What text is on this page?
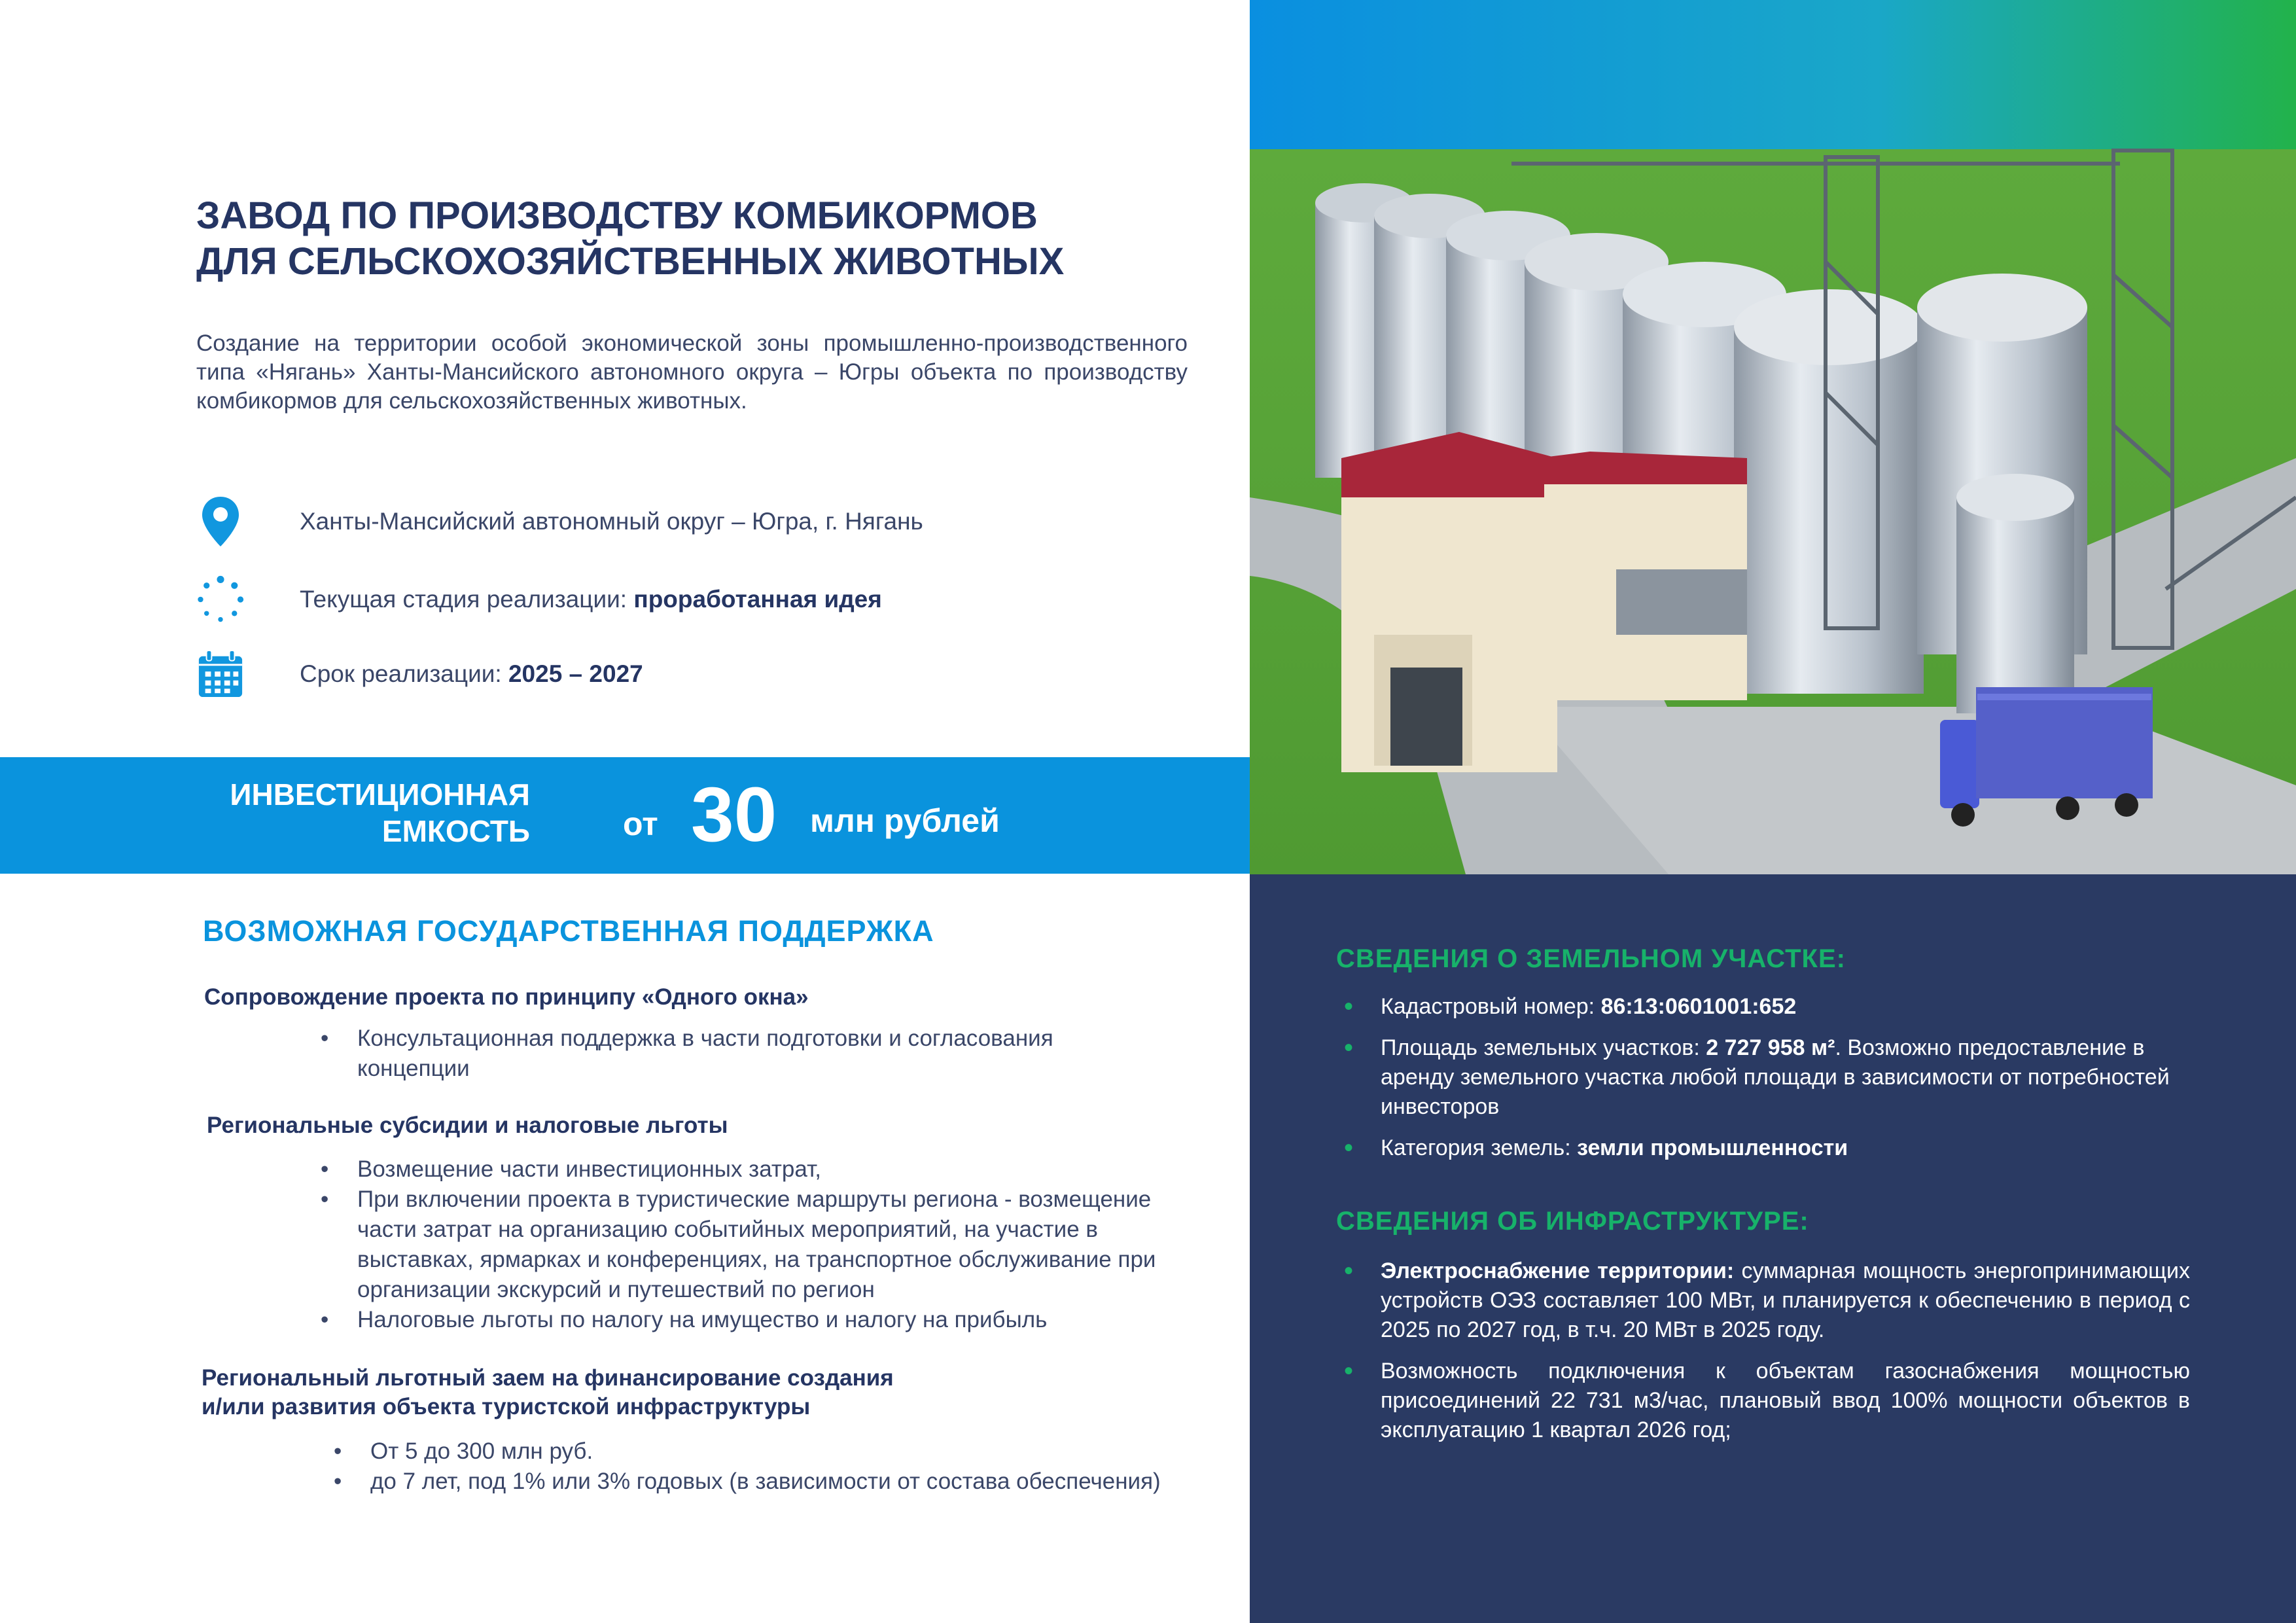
ЗАВОД ПО ПРОИЗВОДСТВУ КОМБИКОРМОВ
ДЛЯ СЕЛЬСКОХОЗЯЙСТВЕННЫХ ЖИВОТНЫХ

Создание на территории особой экономической зоны промышленно-производственного типа «Нягань» Ханты-Мансийского автономного округа – Югры объекта по производству комбикормов для сельскохозяйственных животных.

Ханты-Мансийский автономный округ – Югра, г. Нягань
Текущая стадия реализации: проработанная идея
Срок реализации: 2025 – 2027

ИНВЕСТИЦИОННАЯ
ЕМКОСТЬ	от 30 млн рублей
ВОЗМОЖНАЯ ГОСУДАРСТВЕННАЯ ПОДДЕРЖКА
Сопровождение проекта по принципу «Одного окна»
• Консультационная поддержка в части подготовки и согласования концепции
Региональные субсидии и налоговые льготы
• Возмещение части инвестиционных затрат,
• При включении проекта в туристические маршруты региона - возмещение части затрат на организацию событийных мероприятий, на участие в выставках, ярмарках и конференциях, на транспортное обслуживание при организации экскурсий и путешествий по регион
• Налоговые льготы по налогу на имущество и налогу на прибыль
Региональный льготный заем на финансирование создания
и/или развития объекта туристской инфраструктуры
• От 5 до 300 млн руб.
• до 7 лет, под 1% или 3% годовых (в зависимости от состава обеспечения)
СВЕДЕНИЯ О ЗЕМЕЛЬНОМ УЧАСТКЕ:
• Кадастровый номер: 86:13:0601001:652
• Площадь земельных участков: 2 727 958 м². Возможно предоставление в аренду земельного участка любой площади в зависимости от потребностей инвесторов
• Категория земель: земли промышленности
СВЕДЕНИЯ ОБ ИНФРАСТРУКТУРЕ:
• Электроснабжение территории: суммарная мощность энергопринимающих устройств ОЭЗ составляет 100 МВт, и планируется к обеспечению в период с 2025 по 2027 год, в т.ч. 20 МВт в 2025 году.
• Возможность подключения к объектам газоснабжения мощностью присоединений 22 731 м3/час, плановый ввод 100% мощности объектов в эксплуатацию 1 квартал 2026 год;
